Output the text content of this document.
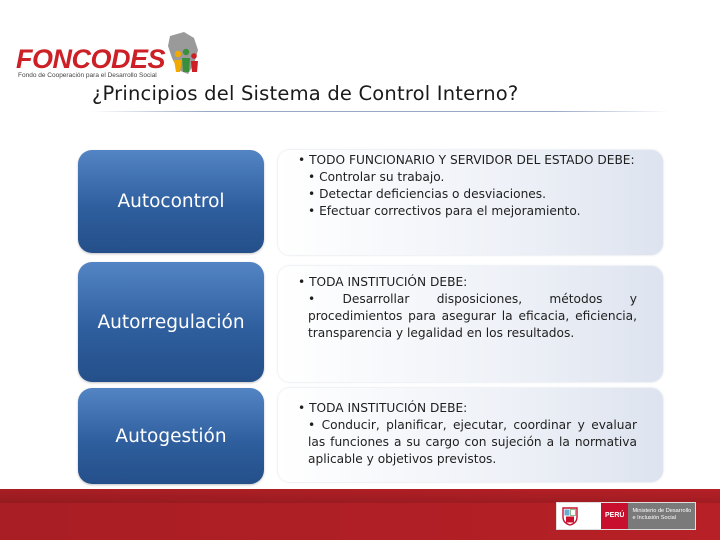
FONCODES
Fondo de Cooperación para el Desarrollo Social
¿Principios del Sistema de Control Interno?
Autocontrol
• TODO FUNCIONARIO Y SERVIDOR DEL ESTADO DEBE:
• Controlar su trabajo.
• Detectar deficiencias o desviaciones.
• Efectuar correctivos para el mejoramiento.
Autorregulación
• TODA INSTITUCIÓN DEBE:
• Desarrollar disposiciones, métodos y procedimientos para asegurar la eficacia, eficiencia, transparencia y legalidad en los resultados.
Autogestión
• TODA INSTITUCIÓN DEBE:
• Conducir, planificar, ejecutar, coordinar y evaluar las funciones a su cargo con sujeción a la normativa aplicable y objetivos previstos.
PERÚ
Ministerio de Desarrollo
e Inclusión Social
